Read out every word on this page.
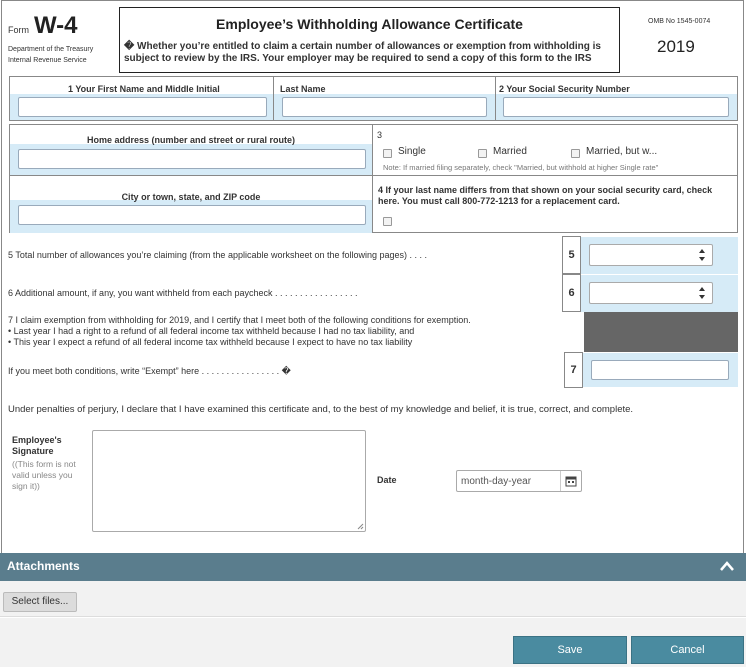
Form W-4
Department of the Treasury
Internal Revenue Service
Employee’s Withholding Allowance Certificate
� Whether you’re entitled to claim a certain number of allowances or exemption from withholding is subject to review by the IRS. Your employer may be required to send a copy of this form to the IRS
OMB No 1545-0074
2019
1 Your First Name and Middle Initial	Last Name	2 Your Social Security Number
Home address (number and street or rural route)	3
Single	Married	Married, but w...
Note: If married filing separately, check "Married, but withhold at higher Single rate"
City or town, state, and ZIP code
4 If your last name differs from that shown on your social security card, check here. You must call 800-772-1213 for a replacement card.
5 Total number of allowances you’re claiming (from the applicable worksheet on the following pages) . . . .	5
6 Additional amount, if any, you want withheld from each paycheck . . . . . . . . . . . . . . . . .	6
7 I claim exemption from withholding for 2019, and I certify that I meet both of the following conditions for exemption.
• Last year I had a right to a refund of all federal income tax withheld because I had no tax liability, and
• This year I expect a refund of all federal income tax withheld because I expect to have no tax liability
If you meet both conditions, write “Exempt” here . . . . . . . . . . . . . . . . �	7
Under penalties of perjury, I declare that I have examined this certificate and, to the best of my knowledge and belief, it is true, correct, and complete.
Employee's Signature
((This form is not valid unless you sign it))
Date	month-day-year
Attachments
Select files...
Save	Cancel
